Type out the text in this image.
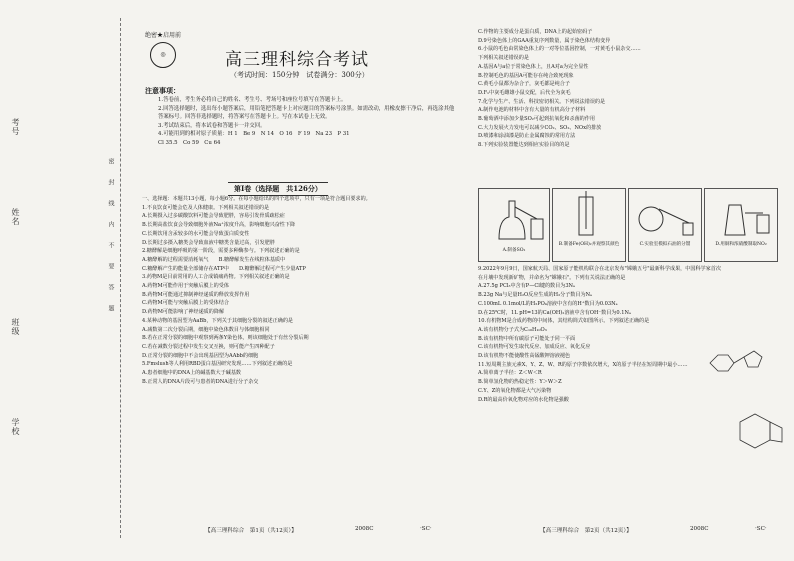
考号
姓名
班级
学校
密　　封　　线　　内　　不　　要　　答　　题
绝密★启用前
◎	高三理科综合考试
（考试时间：150分钟　试卷满分：300分）
注意事项：
1.答卷前，考生务必将自己的姓名、考生号、考场号和座位号填写在答题卡上。
2.回答选择题时，选出每小题答案后，用铅笔把答题卡上对应题目的答案标号涂黑。如需改动，用橡皮擦干净后，再选涂其他答案标号。回答非选择题时，将答案写在答题卡上。写在本试卷上无效。
3.考试结束后，将本试卷和答题卡一并交回。
4.可能用到的相对原子质量：H 1　Be 9　N 14　O 16　F 19　Na 23　P 31
Cl 35.5　Co 59　Cu 64
第Ⅰ卷（选择题　共126分）
一、选择题：本题共13小题，每小题6分。在每小题给出的四个选项中，只有一项是符合题目要求的。
1.不良饮食可能会危及人体健康。下列相关叙述错误的是
A.长期摄入过多碳酸饮料可能会导致肥胖，容易引发骨质疏松症
B.长期高盐饮食会导致细胞外液Na⁺浓度升高，影响细胞兴奋性下降
C.长期饮用含汞较多的水可能会导致蛋白质变性
D.长期过多摄入糖类会导致血液中糖类含量过高，引发肥胖
2.糖酵解是细胞呼吸的第一阶段，需要多种酶参与。下列叙述正确的是
A.糖酵解的过程需要消耗氧气　　B.糖酵解发生在线粒体基质中
C.糖酵解产生的能量全部储存在ATP中　　D.糖酵解过程可产生少量ATP
3.药物M是目前常用的人工合成镇痛药物。下列相关叙述正确的是
A.药物M可能作用于突触后膜上的受体
B.药物M可能通过抑制神经递质的释放发挥作用
C.药物M可能与突触后膜上的受体结合
D.药物M可能影响了神经递质的降解
4.某种动物的基因型为AaBb，下列关于其细胞分裂的叙述正确的是
A.减数第二次分裂后期，细胞中染色体数目与体细胞相同
B.若在正常分裂的细胞中观察到两条Y染色体，则该细胞处于有丝分裂后期
C.若在减数分裂过程中发生交叉互换，则可能产生四种配子
D.正常分裂的细胞中不会出现基因型为AAbb的细胞
5.Fmslush等人利用RBD蛋白基因研究发现……下列叙述正确的是
A.患者细胞中的DNA上的碱基数大于碱基数
B.正常人的DNA片段可与患者的DNA进行分子杂交
C.作物的主要成分是蛋白质，DNA上的起始密码子
D.9号染色体上的GAA重复序列数量，属于染色体结构变异
6.小鼠的毛色由常染色体上的一对等位基因控制，一对黄毛小鼠杂交……
下列相关叙述错误的是
A.基因A与a位于常染色体上，且A对a为完全显性
B.控制毛色的基因A可能存在纯合致死现象
C.黄毛小鼠都为杂合子，灰毛都是纯合子
D.F₁中灰毛雌雄小鼠交配，后代全为灰毛
7.化学与生产、生活、科技密切相关。下列说法错误的是
A.制作电池的材料中含有大量的有机高分子材料
B.葡萄酒中添加少量SO₂可起到抗氧化和杀菌的作用
C.大力发展火力发电可以减少CO₂、SO₂、NOx的排放
D.喷漆和涂油漆是防止金属腐蚀的常用方法
8.下列实验装置能达到相应实验目的的是
A.制备SO₂
B.制备Fe(OH)₂并观察其颜色	C.实验室模拟石油的分馏	D.用铜和浓硝酸制取NO₂
9.2022年9月9日，国家航天局、国家原子能机构联合在北京发布"嫦娥五号"最新科学成果，中国科学家首次
在月壤中发现新矿物，并命名为"嫦娥石"。下列有关说法正确的是
A.27.5g PCl₃中含有P—Cl键的数目为3Nₐ
B.23g Na与足量H₂O反应生成的H₂分子数目为Nₐ
C.100mL 0.1mol/L的H₃PO₄溶液中含有的H⁺数目为0.03Nₐ
D.在25℃时，1L pH=13的Ca(OH)₂溶液中含有OH⁻数目为0.1Nₐ
10.有机物M是合成药物的中间体，其结构简式如图所示。下列叙述正确的是
A.该有机物分子式为C₁₀H₁₀O₃
B.该有机物中所有碳原子可能处于同一平面
C.该有机物可发生取代反应、加成反应、氧化反应
D.该有机物不能使酸性高锰酸钾溶液褪色
11.短周期主族元素X、Y、Z、W、R的原子序数依次增大，X的原子半径在短周期中最小……
A.简单离子半径：Z＜W＜R
B.简单氢化物的热稳定性：Y＞W＞Z
C.Y、Z的氧化物都是大气污染物
D.R的最高价氧化物对应的水化物是强酸
【高三理科综合　第1页（共12页）】	2008C	·SC·	【高三理科综合　第2页（共12页）】	2008C	·SC·
